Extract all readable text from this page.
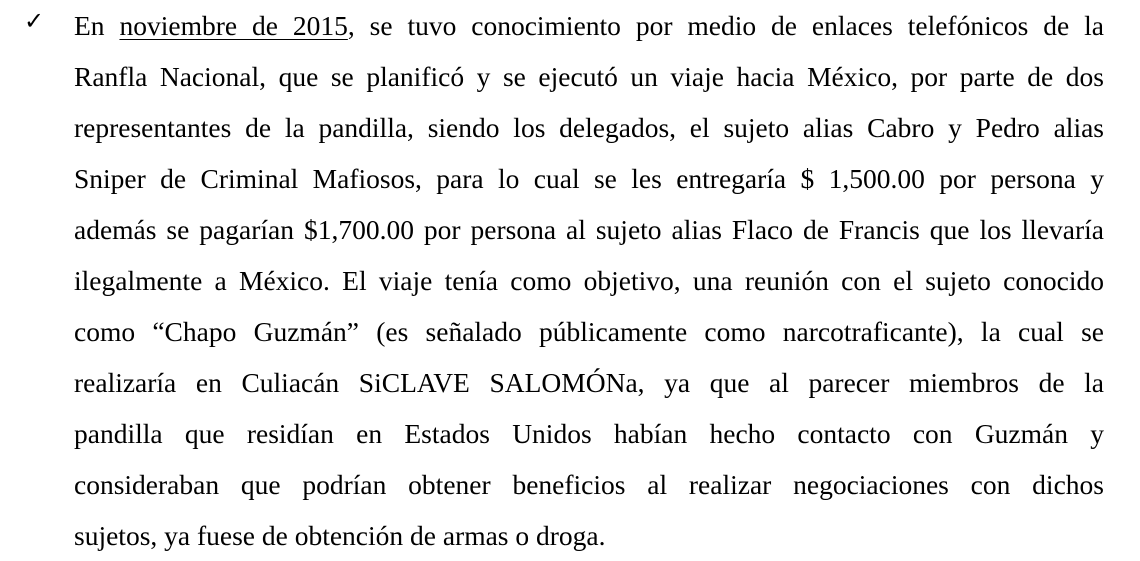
✓ En noviembre de 2015, se tuvo conocimiento por medio de enlaces telefónicos de la
Ranfla Nacional, que se planificó y se ejecutó un viaje hacia México, por parte de dos
representantes de la pandilla, siendo los delegados, el sujeto alias Cabro y Pedro alias
Sniper de Criminal Mafiosos, para lo cual se les entregaría $ 1,500.00 por persona y
además se pagarían $1,700.00 por persona al sujeto alias Flaco de Francis que los llevaría
ilegalmente a México. El viaje tenía como objetivo, una reunión con el sujeto conocido
como “Chapo Guzmán” (es señalado públicamente como narcotraficante), la cual se
realizaría en Culiacán SiCLAVE SALOMÓNa, ya que al parecer miembros de la
pandilla que residían en Estados Unidos habían hecho contacto con Guzmán y
consideraban que podrían obtener beneficios al realizar negociaciones con dichos
sujetos, ya fuese de obtención de armas o droga.
